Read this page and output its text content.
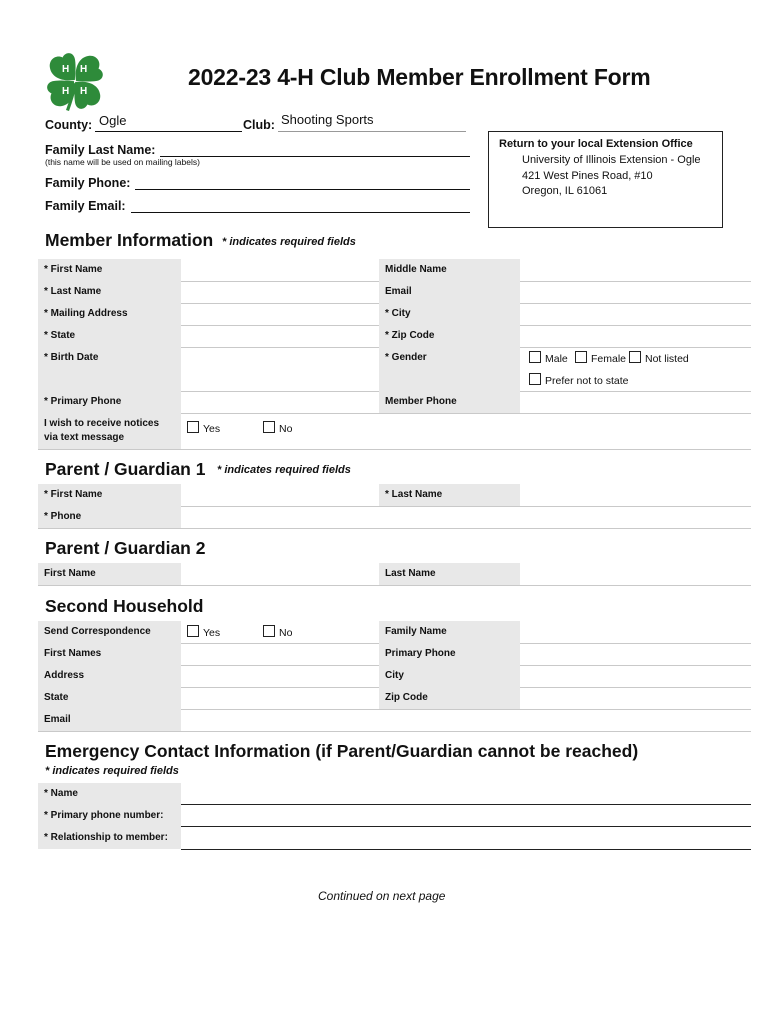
H H
H H
2022-23 4-H Club Member Enrollment Form
County: Ogle	Club: Shooting Sports
Family Last Name:
(this name will be used on mailing labels)
Family Phone:
Family Email:
Return to your local Extension Office
University of Illinois Extension - Ogle
421 West Pines Road, #10
Oregon, IL 61061
Member Information * indicates required fields
* First Name	Middle Name
* Last Name	Email
* Mailing Address	* City
* State	* Zip Code
* Birth Date	* Gender	Male	Female	Not listed
Prefer not to state
* Primary Phone	Member Phone
I wish to receive notices
via text message
Yes	No
Parent / Guardian 1 * indicates required fields
* First Name	* Last Name
* Phone
Parent / Guardian 2
First Name	Last Name
Second Household
Send Correspondence	Yes	No	Family Name
First Names	Primary Phone
Address	City
State	Zip Code
Email
Emergency Contact Information (if Parent/Guardian cannot be reached)
* indicates required fields
* Name
* Primary phone number:
* Relationship to member:
Continued on next page
